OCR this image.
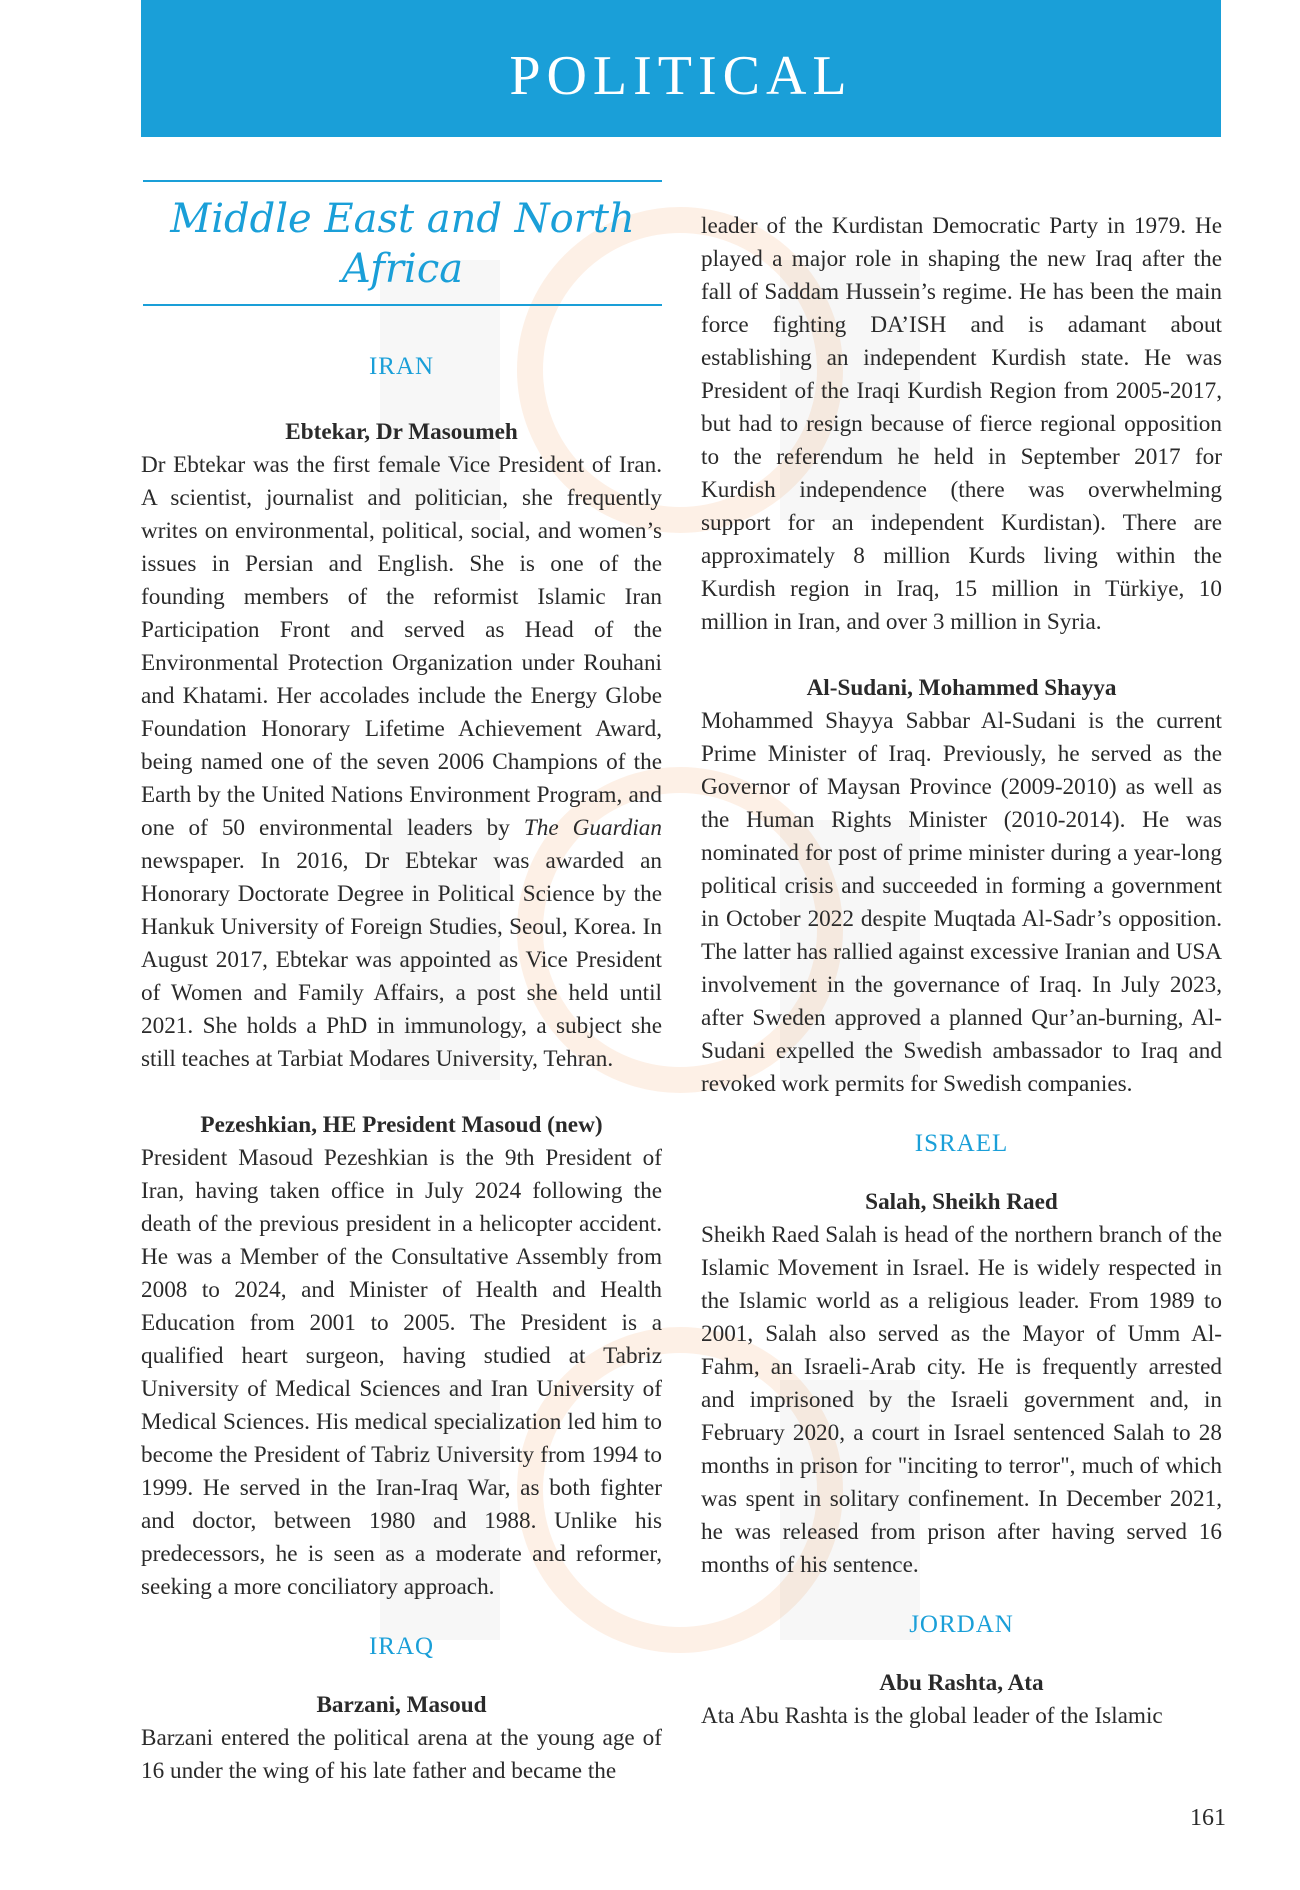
POLITICAL
Middle East and North Africa
IRAN
Ebtekar, Dr Masoumeh

Dr Ebtekar was the first female Vice President of Iran. A scientist, journalist and politician, she frequently writes on environmental, political, social, and women’s issues in Persian and English. She is one of the founding members of the reformist Islamic Iran Participation Front and served as Head of the Environmental Protection Organization under Rouhani and Khatami. Her accolades include the Energy Globe Foundation Honorary Lifetime Achievement Award, being named one of the seven 2006 Champions of the Earth by the United Nations Environment Program, and one of 50 environmental leaders by The Guardian newspaper. In 2016, Dr Ebtekar was awarded an Honorary Doctorate Degree in Political Science by the Hankuk University of Foreign Studies, Seoul, Korea. In August 2017, Ebtekar was appointed as Vice President of Women and Family Affairs, a post she held until 2021. She holds a PhD in immunology, a subject she still teaches at Tarbiat Modares University, Tehran.

Pezeshkian, HE President Masoud (new)

President Masoud Pezeshkian is the 9th President of Iran, having taken office in July 2024 following the death of the previous president in a helicopter accident. He was a Member of the Consultative Assembly from 2008 to 2024, and Minister of Health and Health Education from 2001 to 2005. The President is a qualified heart surgeon, having studied at Tabriz University of Medical Sciences and Iran University of Medical Sciences. His medical specialization led him to become the President of Tabriz University from 1994 to 1999. He served in the Iran-Iraq War, as both fighter and doctor, between 1980 and 1988. Unlike his predecessors, he is seen as a moderate and reformer, seeking a more conciliatory approach.

IRAQ
Barzani, Masoud

Barzani entered the political arena at the young age of 16 under the wing of his late father and became the

leader of the Kurdistan Democratic Party in 1979. He played a major role in shaping the new Iraq after the fall of Saddam Hussein’s regime. He has been the main force fighting DA’ISH and is adamant about establishing an independent Kurdish state. He was President of the Iraqi Kurdish Region from 2005-2017, but had to resign because of fierce regional opposition to the referendum he held in September 2017 for Kurdish independence (there was overwhelming support for an independent Kurdistan). There are approximately 8 million Kurds living within the Kurdish region in Iraq, 15 million in Türkiye, 10 million in Iran, and over 3 million in Syria.

Al-Sudani, Mohammed Shayya

Mohammed Shayya Sabbar Al-Sudani is the current Prime Minister of Iraq. Previously, he served as the Governor of Maysan Province (2009-2010) as well as the Human Rights Minister (2010-2014). He was nominated for post of prime minister during a year-long political crisis and succeeded in forming a government in October 2022 despite Muqtada Al-Sadr’s opposition. The latter has rallied against excessive Iranian and USA involvement in the governance of Iraq. In July 2023, after Sweden approved a planned Qur’an-burning, Al-Sudani expelled the Swedish ambassador to Iraq and revoked work permits for Swedish companies.

ISRAEL
Salah, Sheikh Raed

Sheikh Raed Salah is head of the northern branch of the Islamic Movement in Israel. He is widely respected in the Islamic world as a religious leader. From 1989 to 2001, Salah also served as the Mayor of Umm Al-Fahm, an Israeli-Arab city. He is frequently arrested and imprisoned by the Israeli government and, in February 2020, a court in Israel sentenced Salah to 28 months in prison for "inciting to terror", much of which was spent in solitary confinement. In December 2021, he was released from prison after having served 16 months of his sentence.

JORDAN
Abu Rashta, Ata

Ata Abu Rashta is the global leader of the Islamic

161
